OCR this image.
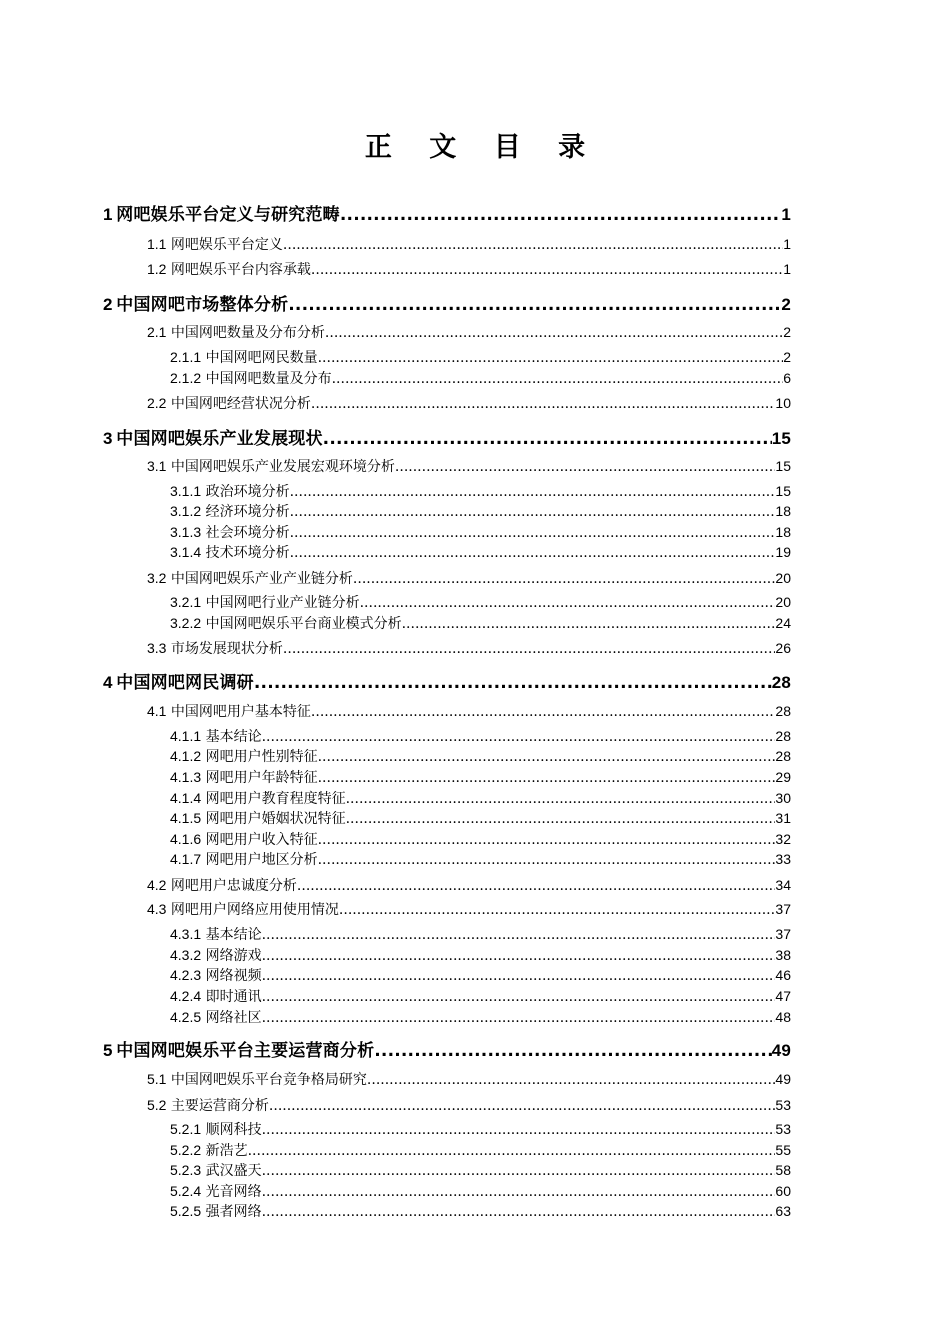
正 文 目 录
1  网吧娱乐平台定义与研究范畴 .....	1
1.1 网吧娱乐平台定义 .....	1
1.2 网吧娱乐平台内容承载 .....	1
2  中国网吧市场整体分析 .....	2
2.1 中国网吧数量及分布分析 .....	2
2.1.1 中国网吧网民数量 .....	2
2.1.2 中国网吧数量及分布 .....	6
2.2 中国网吧经营状况分析 .....	10
3  中国网吧娱乐产业发展现状 .....	15
3.1 中国网吧娱乐产业发展宏观环境分析 .....	15
3.1.1 政治环境分析 .....	15
3.1.2 经济环境分析 .....	18
3.1.3 社会环境分析 .....	18
3.1.4 技术环境分析 .....	19
3.2 中国网吧娱乐产业产业链分析 .....	20
3.2.1 中国网吧行业产业链分析 .....	20
3.2.2 中国网吧娱乐平台商业模式分析 .....	24
3.3 市场发展现状分析 .....	26
4  中国网吧网民调研 .....	28
4.1 中国网吧用户基本特征 .....	28
4.1.1 基本结论 .....	28
4.1.2 网吧用户性别特征 .....	28
4.1.3 网吧用户年龄特征 .....	29
4.1.4 网吧用户教育程度特征 .....	30
4.1.5 网吧用户婚姻状况特征 .....	31
4.1.6 网吧用户收入特征 .....	32
4.1.7 网吧用户地区分析 .....	33
4.2 网吧用户忠诚度分析 .....	34
4.3 网吧用户网络应用使用情况 .....	37
4.3.1 基本结论 .....	37
4.3.2 网络游戏 .....	38
4.2.3 网络视频 .....	46
4.2.4 即时通讯 .....	47
4.2.5 网络社区 .....	48
5  中国网吧娱乐平台主要运营商分析 .....	49
5.1 中国网吧娱乐平台竞争格局研究 .....	49
5.2 主要运营商分析 .....	53
5.2.1 顺网科技 .....	53
5.2.2 新浩艺 .....	55
5.2.3 武汉盛天 .....	58
5.2.4 光音网络 .....	60
5.2.5 强者网络 .....	63
